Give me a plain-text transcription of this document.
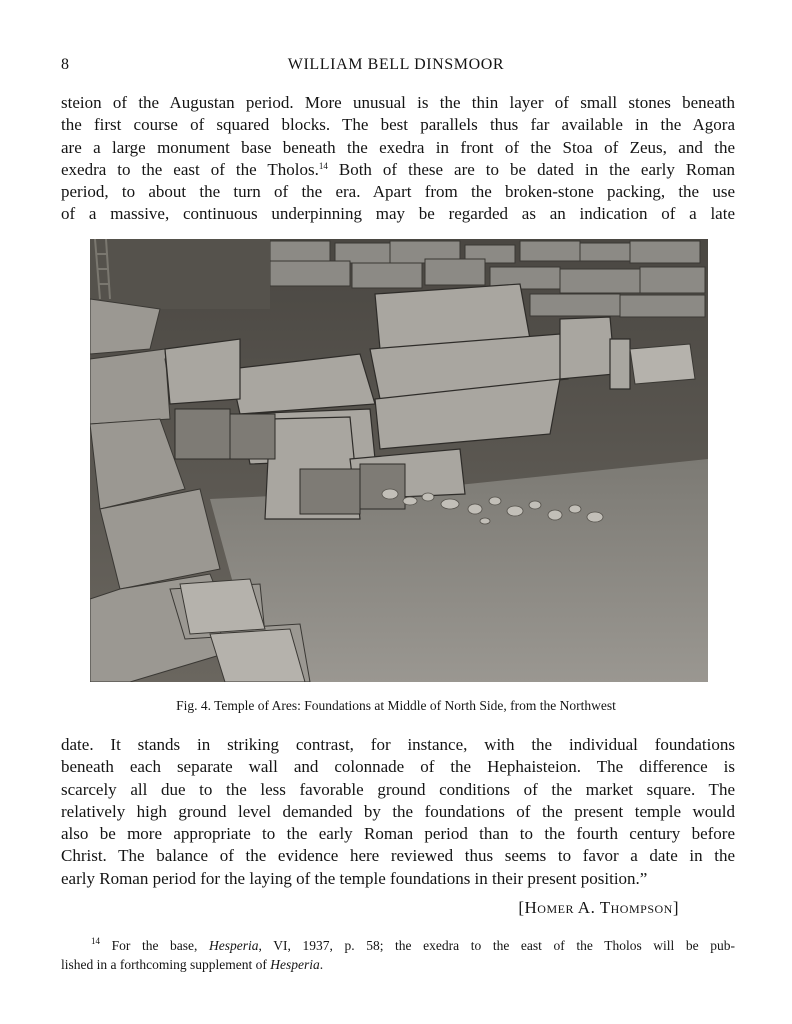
8	WILLIAM BELL DINSMOOR
steion of the Augustan period. More unusual is the thin layer of small stones beneath
the first course of squared blocks. The best parallels thus far available in the Agora
are a large monument base beneath the exedra in front of the Stoa of Zeus, and the
exedra to the east of the Tholos.$^{14}$ Both of these are to be dated in the early Roman
period, to about the turn of the era. Apart from the broken-stone packing, the use
of a massive, continuous underpinning may be regarded as an indication of a late
Fig. 4. Temple of Ares: Foundations at Middle of North Side, from the Northwest
date. It stands in striking contrast, for instance, with the individual foundations
beneath each separate wall and colonnade of the Hephaisteion. The difference is
scarcely all due to the less favorable ground conditions of the market square. The
relatively high ground level demanded by the foundations of the present temple would
also be more appropriate to the early Roman period than to the fourth century before
Christ. The balance of the evidence here reviewed thus seems to favor a date in the
early Roman period for the laying of the temple foundations in their present position.”
[Homer A. Thompson]
$^{14}$ For the base, Hesperia, VI, 1937, p. 58; the exedra to the east of the Tholos will be pub-
lished in a forthcoming supplement of Hesperia.
